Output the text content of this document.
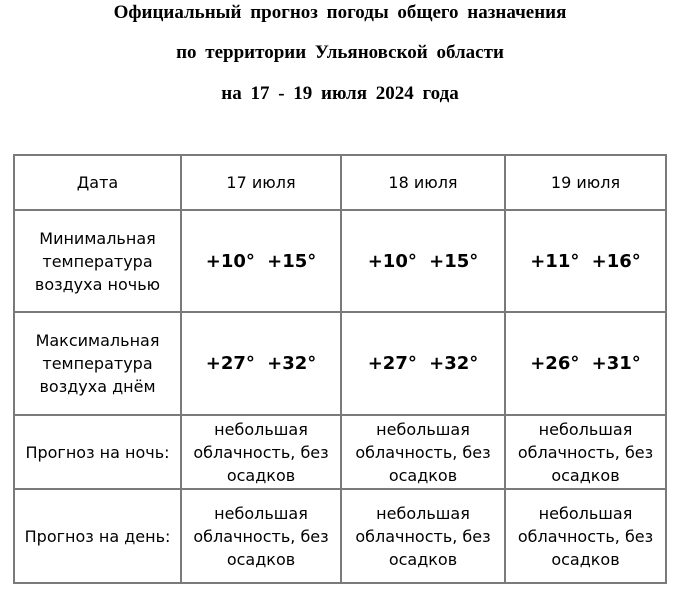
Официальный прогноз погоды общего назначения
по территории Ульяновской области
на 17 - 19 июля 2024 года
Дата	17 июля	18 июля	19 июля
Минимальная температура воздуха ночью	+10° +15°	+10° +15°	+11° +16°
Максимальная температура воздуха днём	+27° +32°	+27° +32°	+26° +31°
Прогноз на ночь:	небольшая облачность, без осадков	небольшая облачность, без осадков	небольшая облачность, без осадков
Прогноз на день:	небольшая облачность, без осадков	небольшая облачность, без осадков	небольшая облачность, без осадков
